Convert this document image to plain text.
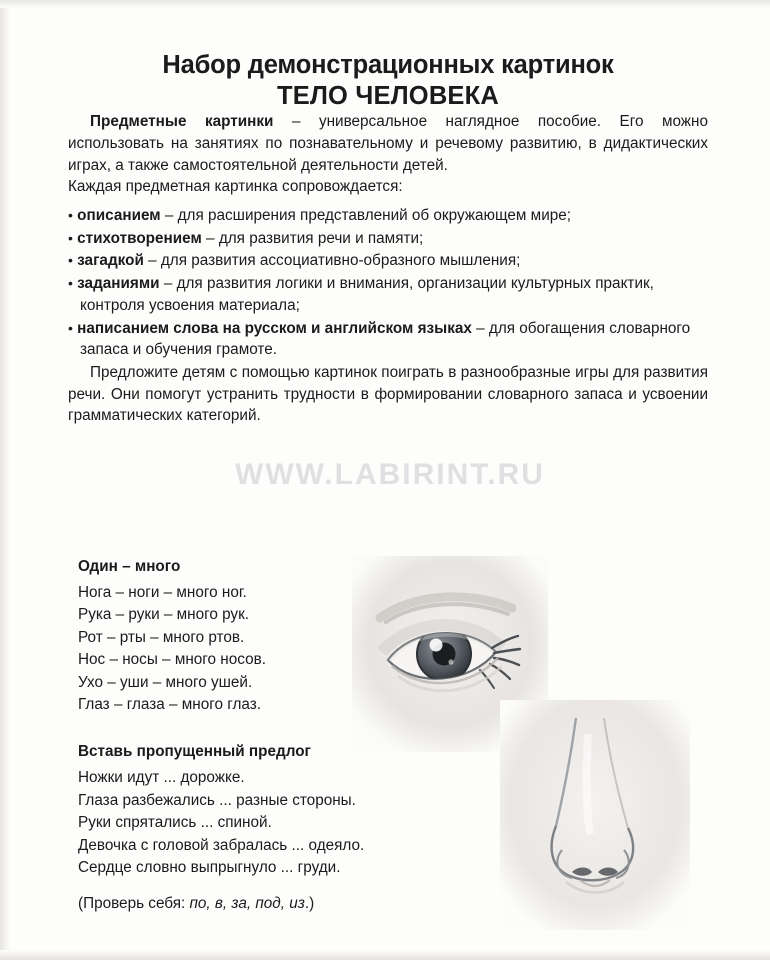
Набор демонстрационных картинок
ТЕЛО ЧЕЛОВЕКА

Предметные картинки – универсальное наглядное пособие. Его можно использовать на занятиях по познавательному и речевому развитию, в дидактических играх, а также самостоятельной деятельности детей.

Каждая предметная картинка сопровождается:

• описанием – для расширения представлений об окружающем мире;
• стихотворением – для развития речи и памяти;
• загадкой – для развития ассоциативно-образного мышления;
• заданиями – для развития логики и внимания, организации культурных практик, контроля усвоения материала;
• написанием слова на русском и английском языках – для обогащения словарного запаса и обучения грамоте.

Предложите детям с помощью картинок поиграть в разнообразные игры для развития речи. Они помогут устранить трудности в формировании словарного запаса и усвоении грамматических категорий.

WWW.LABIRINT.RU

Один – много

Нога – ноги – много ног.

Рука – руки – много рук.

Рот – рты – много ртов.

Нос – носы – много носов.

Ухо – уши – много ушей.

Глаз – глаза – много глаз.

Вставь пропущенный предлог

Ножки идут ... дорожке.

Глаза разбежались ... разные стороны.

Руки спрятались ... спиной.

Девочка с головой забралась ... одеяло.

Сердце словно выпрыгнуло ... груди.

(Проверь себя: по, в, за, под, из.)
